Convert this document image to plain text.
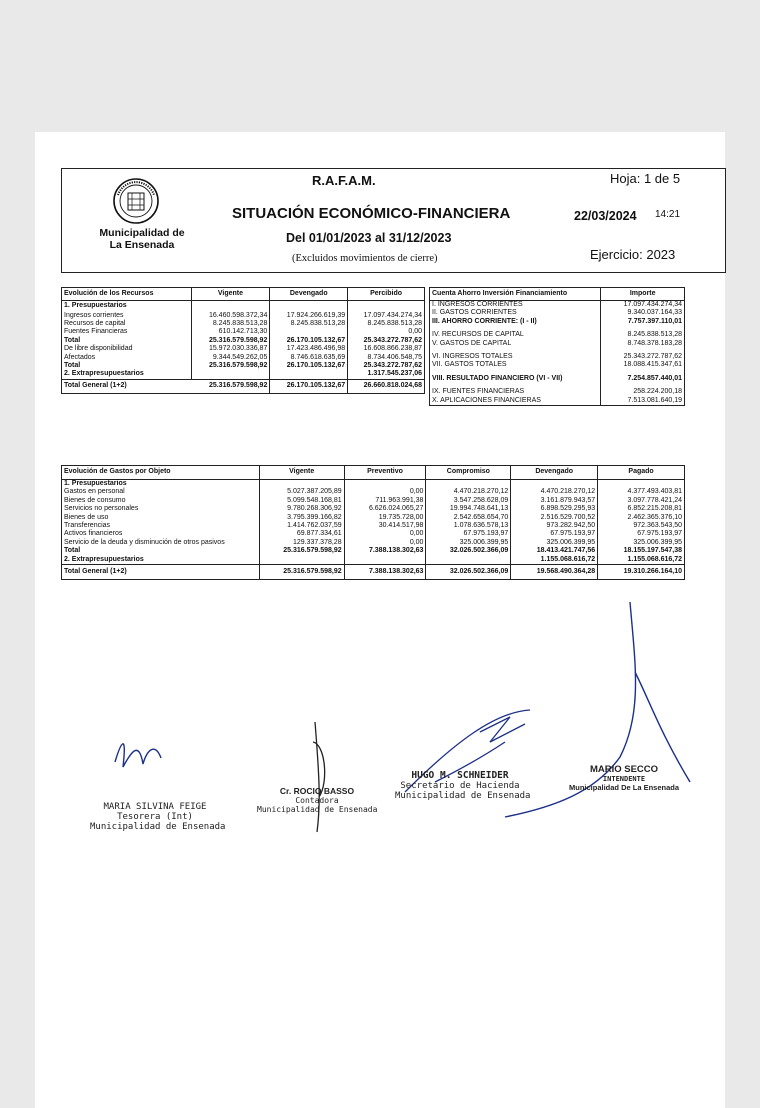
Municipalidad de
La Ensenada
R.A.F.A.M.	Hoja: 1 de 5
SITUACIÓN ECONÓMICO-FINANCIERA	22/03/2024 14:21
Del 01/01/2023 al 31/12/2023
(Excluidos movimientos de cierre)	Ejercicio: 2023
Evolución de los Recursos	Vigente	Devengado	Percibido
1. Presupuestarios			
Ingresos corrientes	16.460.598.372,34	17.924.266.619,39	17.097.434.274,34
Recursos de capital	8.245.838.513,28	8.245.838.513,28	8.245.838.513,28
Fuentes Financieras	610.142.713,30		0,00
Total	25.316.579.598,92	26.170.105.132,67	25.343.272.787,62
De libre disponibilidad	15.972.030.336,87	17.423.486.496,98	16.608.866.238,87
Afectados	9.344.549.262,05	8.746.618.635,69	8.734.406.548,75
Total	25.316.579.598,92	26.170.105.132,67	25.343.272.787,62
2. Extrapresupuestarios			1.317.545.237,06
Total General (1+2)	25.316.579.598,92	26.170.105.132,67	26.660.818.024,68
Cuenta Ahorro Inversión Financiamiento	Importe
I. INGRESOS CORRIENTES	17.097.434.274,34
II. GASTOS CORRIENTES	9.340.037.164,33
III. AHORRO CORRIENTE: (I - II)	7.757.397.110,01

IV. RECURSOS DE CAPITAL	8.245.838.513,28
V. GASTOS DE CAPITAL	8.748.378.183,28

VI. INGRESOS TOTALES	25.343.272.787,62
VII. GASTOS TOTALES	18.088.415.347,61

VIII. RESULTADO FINANCIERO (VI - VII)	7.254.857.440,01

IX. FUENTES FINANCIERAS	258.224.200,18
X. APLICACIONES FINANCIERAS	7.513.081.640,19
Evolución de Gastos por Objeto	Vigente	Preventivo	Compromiso	Devengado	Pagado
1. Presupuestarios					
Gastos en personal	5.027.387.205,89	0,00	4.470.218.270,12	4.470.218.270,12	4.377.493.403,81
Bienes de consumo	5.099.548.168,81	711.963.991,38	3.547.258.628,09	3.161.879.943,57	3.097.778.421,24
Servicios no personales	9.780.268.306,92	6.626.024.065,27	19.994.748.641,13	6.898.529.295,93	6.852.215.208,81
Bienes de uso	3.795.399.166,82	19.735.728,00	2.542.658.654,70	2.516.529.700,52	2.462.365.376,10
Transferencias	1.414.762.037,59	30.414.517,98	1.078.636.578,13	973.282.942,50	972.363.543,50
Activos financieros	69.877.334,61	0,00	67.975.193,97	67.975.193,97	67.975.193,97
Servicio de la deuda y disminución de otros pasivos	129.337.378,28	0,00	325.006.399,95	325.006.399,95	325.006.399,95
Total	25.316.579.598,92	7.388.138.302,63	32.026.502.366,09	18.413.421.747,56	18.155.197.547,38
2. Extrapresupuestarios				1.155.068.616,72	1.155.068.616,72
Total General (1+2)	25.316.579.598,92	7.388.138.302,63	32.026.502.366,09	19.568.490.364,28	19.310.266.164,10
MARIA SILVINA FEIGE
Tesorera (Int)
Municipalidad de Ensenada
Cr. ROCIO BASSO
Contadora
Municipalidad de Ensenada
HUGO M. SCHNEIDER
Secretario de Hacienda
Municipalidad de Ensenada
MARIO SECCO
INTENDENTE
Municipalidad De La Ensenada
